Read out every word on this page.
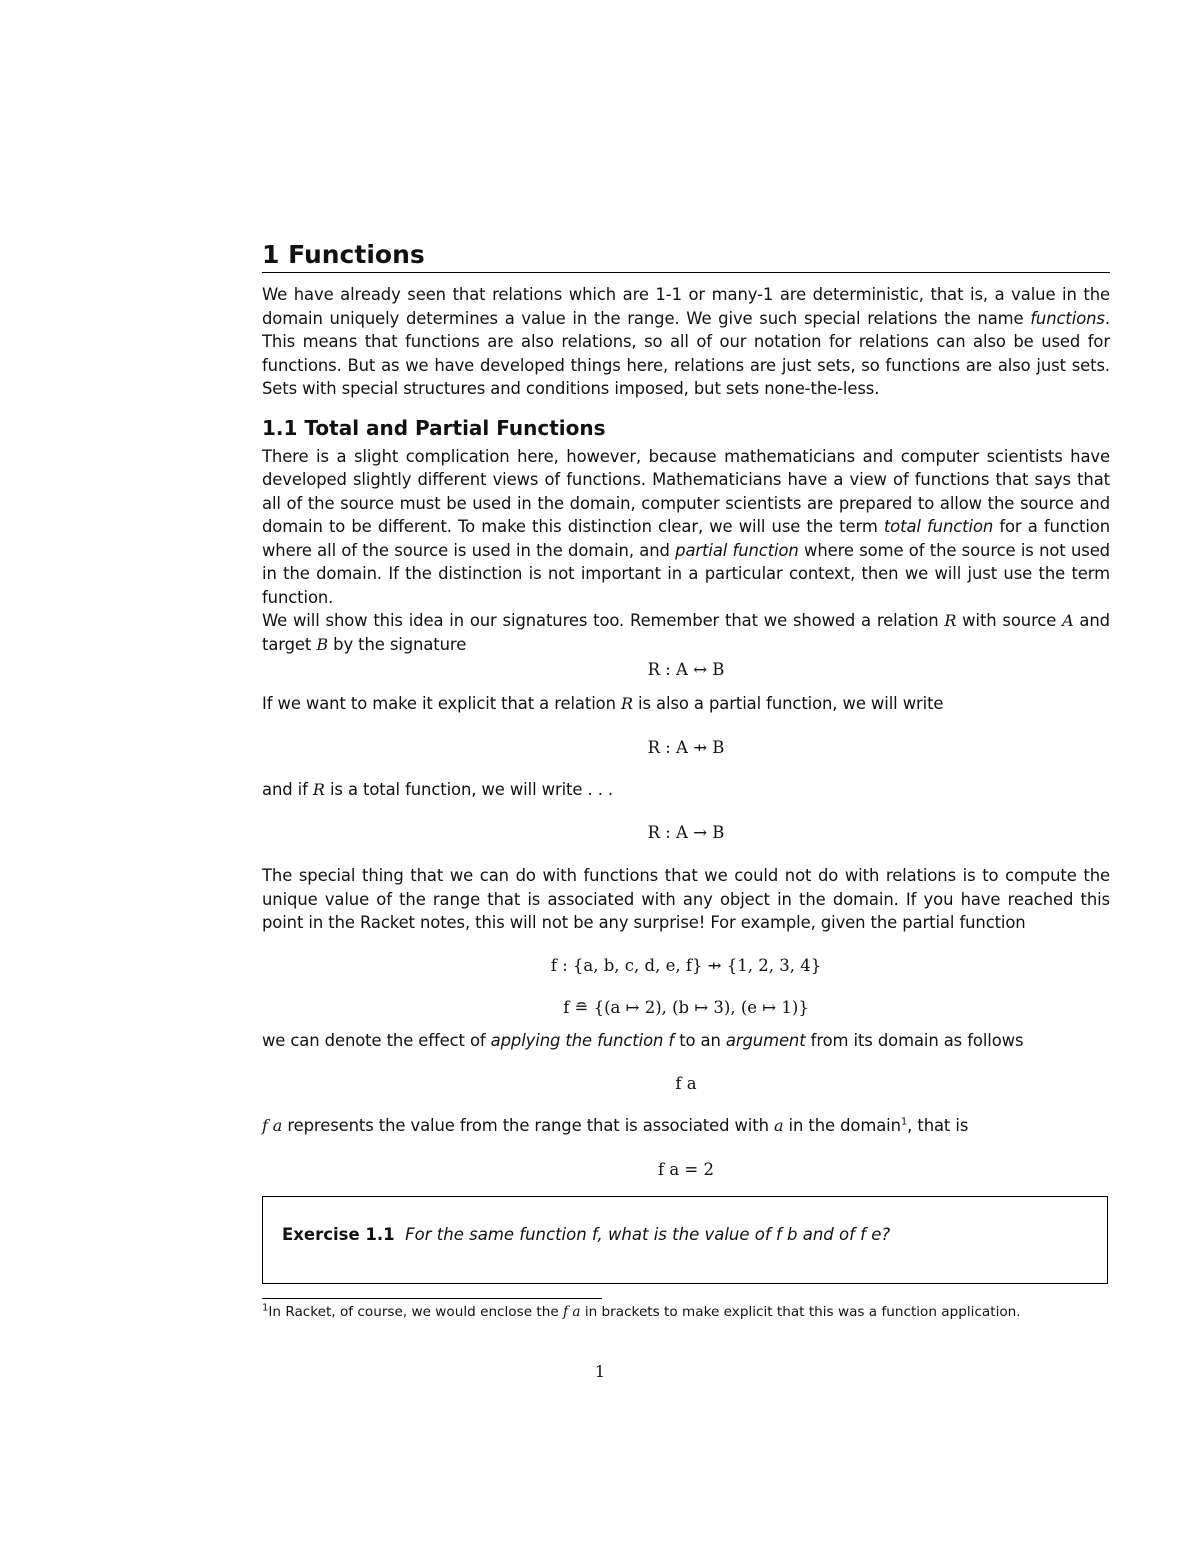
1 Functions

We have already seen that relations which are 1-1 or many-1 are deterministic, that is, a value in the domain uniquely determines a value in the range. We give such special relations the name functions. This means that functions are also relations, so all of our notation for relations can also be used for functions. But as we have developed things here, relations are just sets, so functions are also just sets. Sets with special structures and conditions imposed, but sets none-the-less.

1.1 Total and Partial Functions

There is a slight complication here, however, because mathematicians and computer scientists have developed slightly different views of functions. Mathematicians have a view of functions that says that all of the source must be used in the domain, computer scientists are prepared to allow the source and domain to be different. To make this distinction clear, we will use the term total function for a function where all of the source is used in the domain, and partial function where some of the source is not used in the domain. If the distinction is not important in a particular context, then we will just use the term function.

We will show this idea in our signatures too. Remember that we showed a relation R with source A and target B by the signature

R : A ↔ B

If we want to make it explicit that a relation R is also a partial function, we will write

R : A ⇸ B

and if R is a total function, we will write . . .

R : A → B

The special thing that we can do with functions that we could not do with relations is to compute the unique value of the range that is associated with any object in the domain. If you have reached this point in the Racket notes, this will not be any surprise! For example, given the partial function

f : {a, b, c, d, e, f} ⇸ {1, 2, 3, 4}
f ≘ {(a ↦ 2), (b ↦ 3), (e ↦ 1)}

we can denote the effect of applying the function f to an argument from its domain as follows

f a

f a represents the value from the range that is associated with a in the domain$^1$, that is

f a = 2
Exercise 1.1 For the same function f, what is the value of f b and of f e?
$^1$In Racket, of course, we would enclose the f a in brackets to make explicit that this was a function application.
1
